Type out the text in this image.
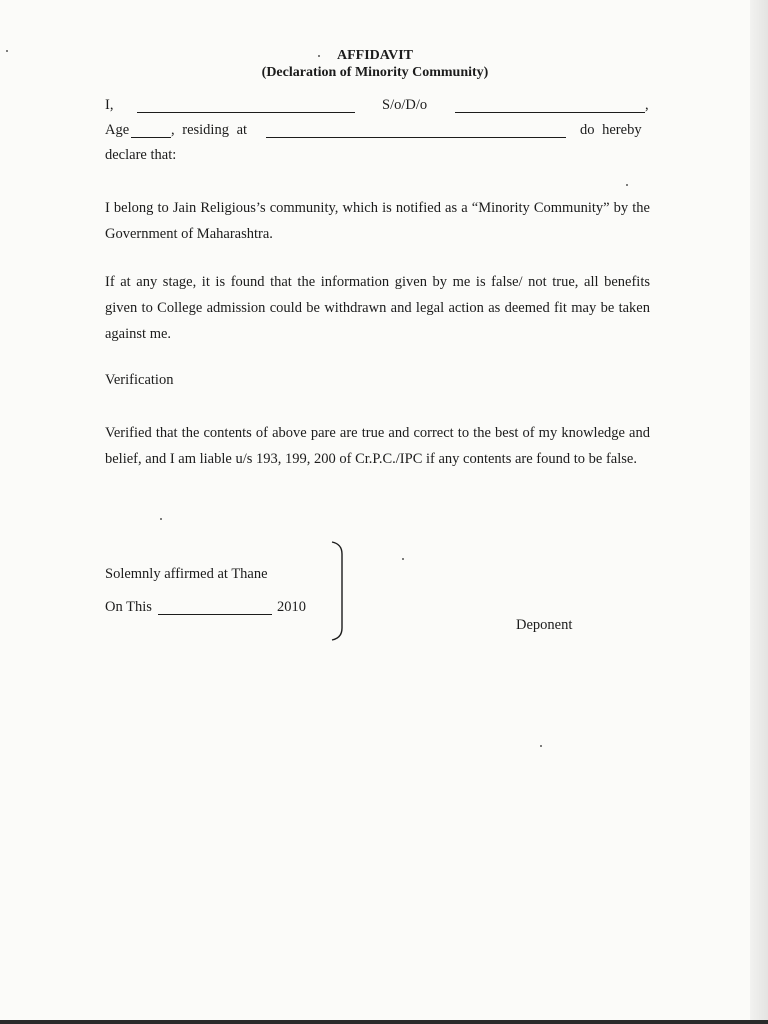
AFFIDAVIT
(Declaration of Minority Community)
I,	S/o/D/o	,
Age	, residing at	do hereby
declare that:
I belong to Jain Religious’s community, which is notified as a “Minority Community” by the Government of Maharashtra.
If at any stage, it is found that the information given by me is false/ not true, all benefits given to College admission could be withdrawn and legal action as deemed fit may be taken against me.
Verification
Verified that the contents of above pare are true and correct to the best of my knowledge and belief, and I am liable u/s 193, 199, 200 of Cr.P.C./IPC if any contents are found to be false.
Solemnly affirmed at Thane
On This	2010
Deponent
